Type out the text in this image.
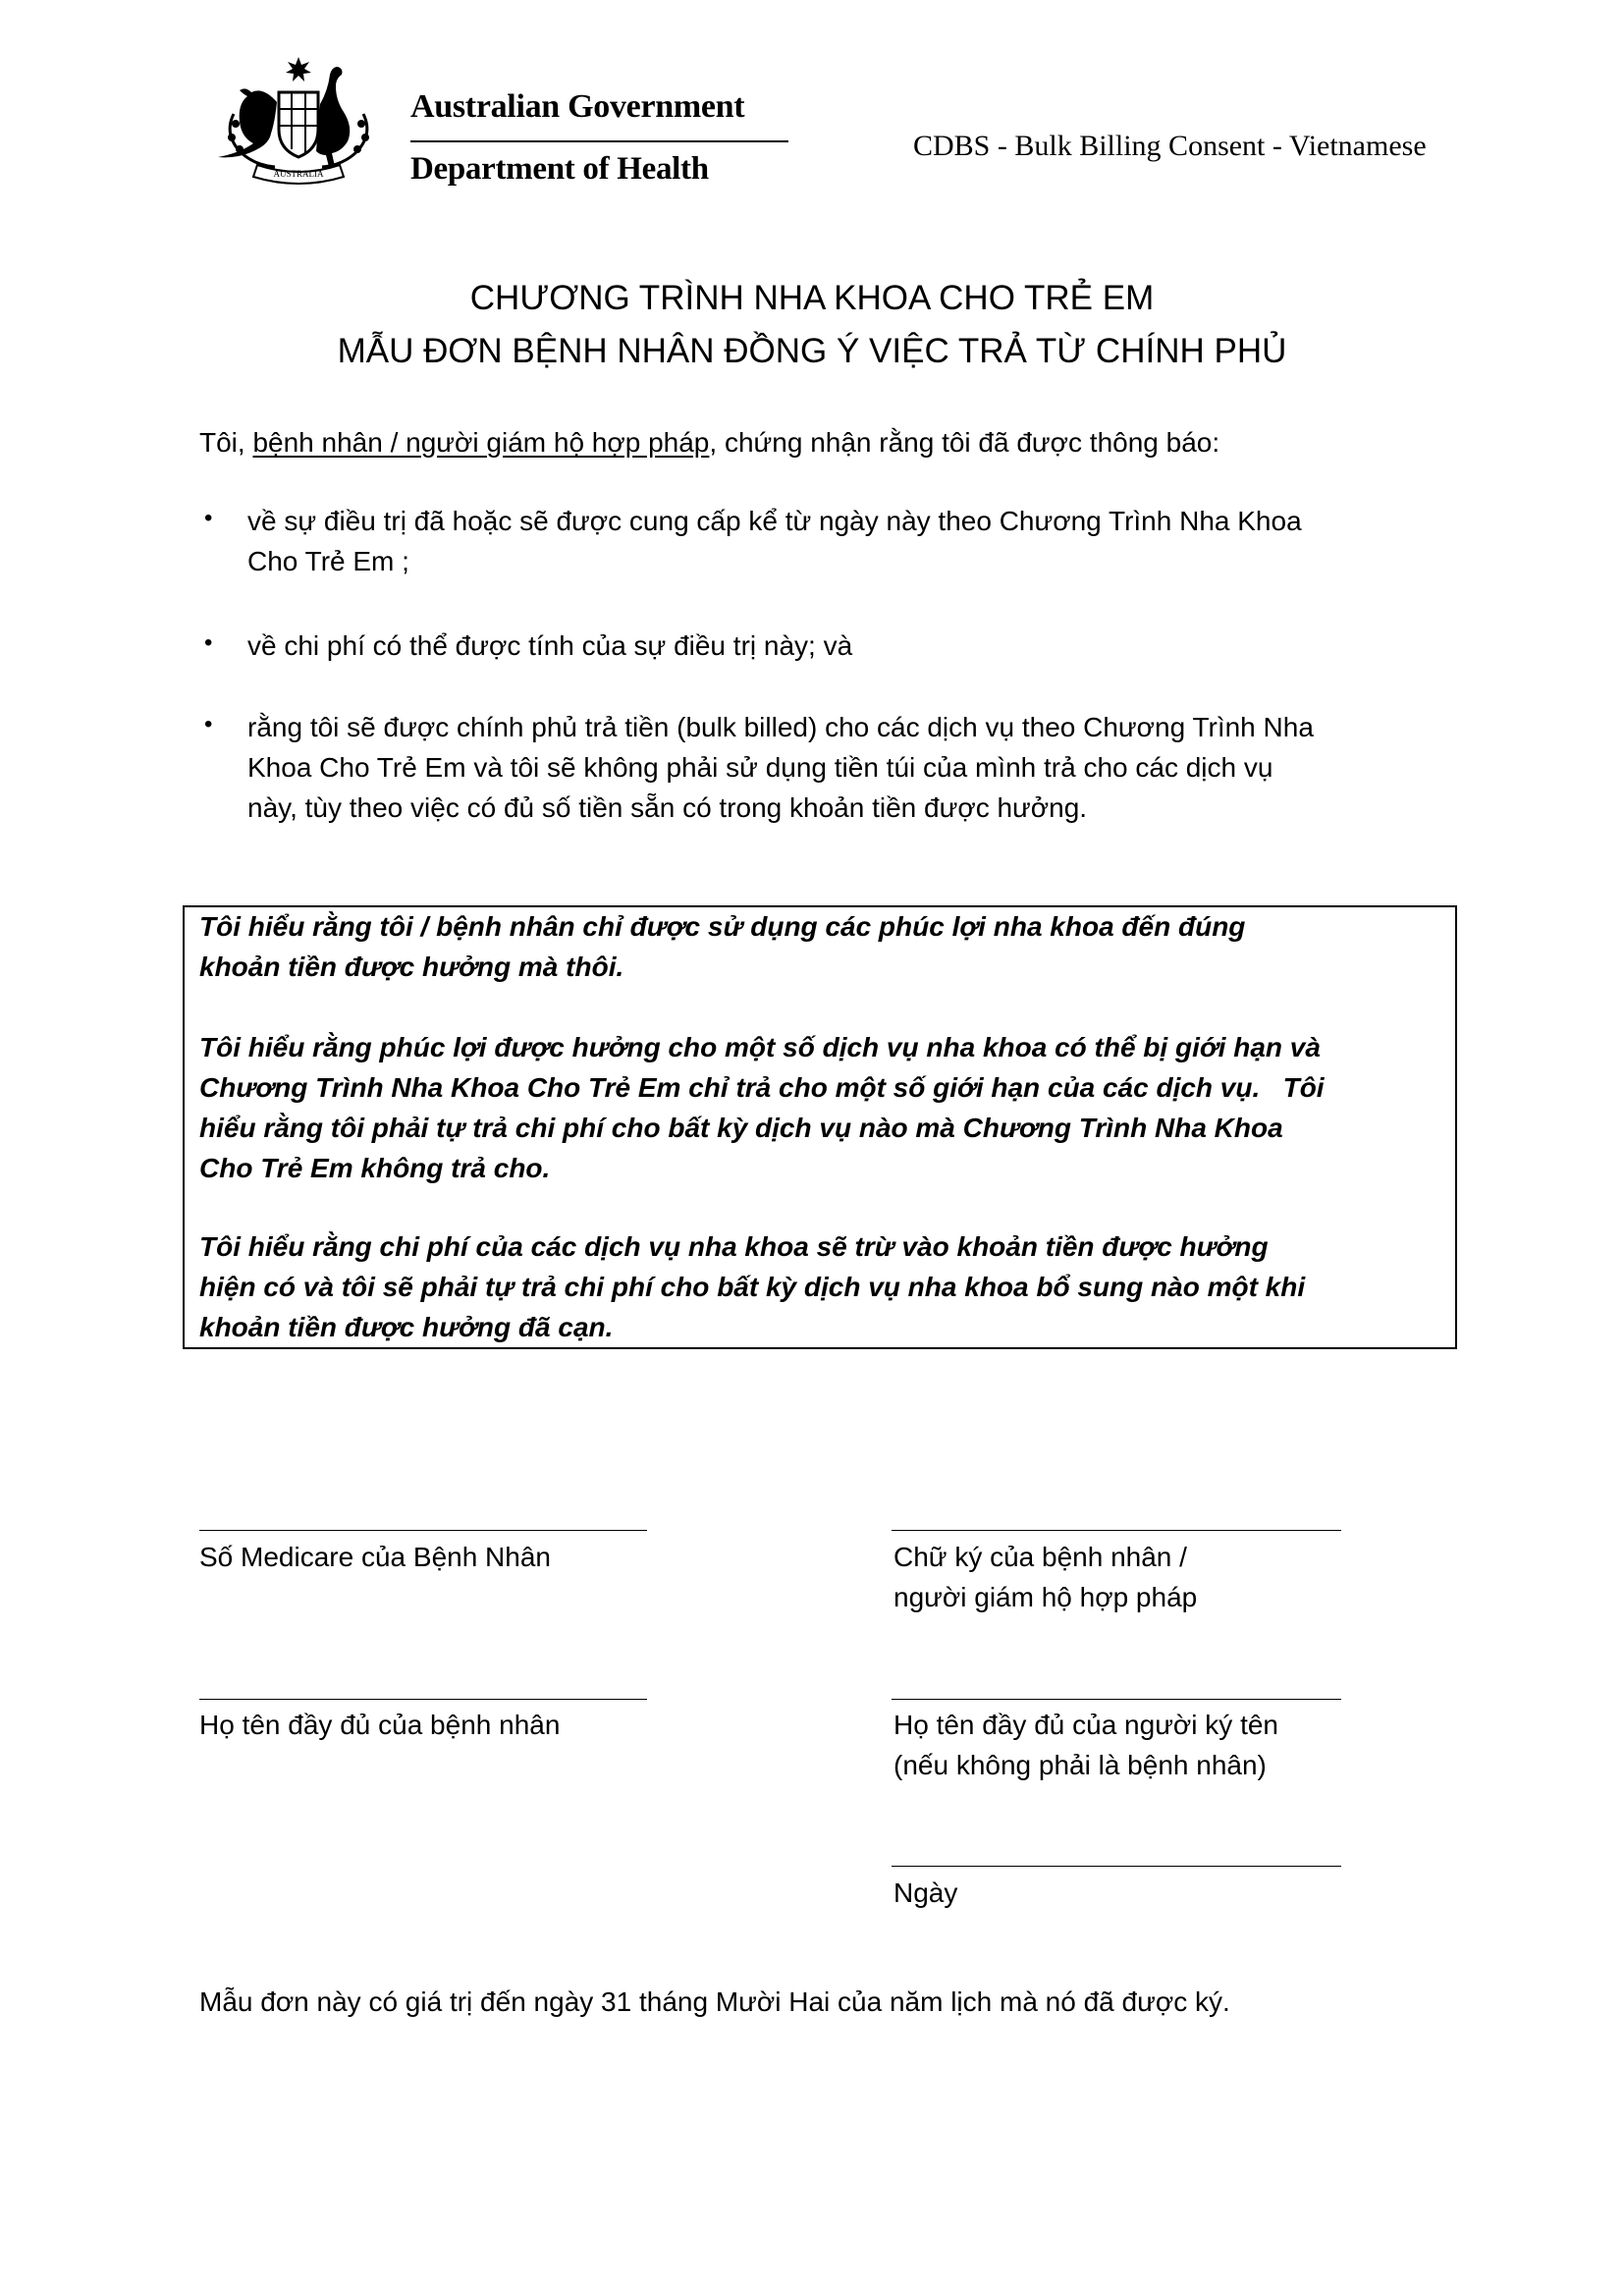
AUSTRALIA
Australian Government
Department of Health
CDBS - Bulk Billing Consent - Vietnamese
CHƯƠNG TRÌNH NHA KHOA CHO TRẺ EM
MẪU ĐƠN BỆNH NHÂN ĐỒNG Ý VIỆC TRẢ TỪ CHÍNH PHỦ
Tôi, bệnh nhân / người giám hộ hợp pháp, chứng nhận rằng tôi đã được thông báo:
• về sự điều trị đã hoặc sẽ được cung cấp kể từ ngày này theo Chương Trình Nha Khoa
Cho Trẻ Em ;
• về chi phí có thể được tính của sự điều trị này; và
• rằng tôi sẽ được chính phủ trả tiền (bulk billed) cho các dịch vụ theo Chương Trình Nha
Khoa Cho Trẻ Em và tôi sẽ không phải sử dụng tiền túi của mình trả cho các dịch vụ
này, tùy theo việc có đủ số tiền sẵn có trong khoản tiền được hưởng.
Tôi hiểu rằng tôi / bệnh nhân chỉ được sử dụng các phúc lợi nha khoa đến đúng
khoản tiền được hưởng mà thôi.
Tôi hiểu rằng phúc lợi được hưởng cho một số dịch vụ nha khoa có thể bị giới hạn và
Chương Trình Nha Khoa Cho Trẻ Em chỉ trả cho một số giới hạn của các dịch vụ.   Tôi
hiểu rằng tôi phải tự trả chi phí cho bất kỳ dịch vụ nào mà Chương Trình Nha Khoa
Cho Trẻ Em không trả cho.
Tôi hiểu rằng chi phí của các dịch vụ nha khoa sẽ trừ vào khoản tiền được hưởng
hiện có và tôi sẽ phải tự trả chi phí cho bất kỳ dịch vụ nha khoa bổ sung nào một khi
khoản tiền được hưởng đã cạn.
Số Medicare của Bệnh Nhân	Chữ ký của bệnh nhân /
người giám hộ hợp pháp
Họ tên đầy đủ của bệnh nhân	Họ tên đầy đủ của người ký tên
(nếu không phải là bệnh nhân)
Ngày
Mẫu đơn này có giá trị đến ngày 31 tháng Mười Hai của năm lịch mà nó đã được ký.
